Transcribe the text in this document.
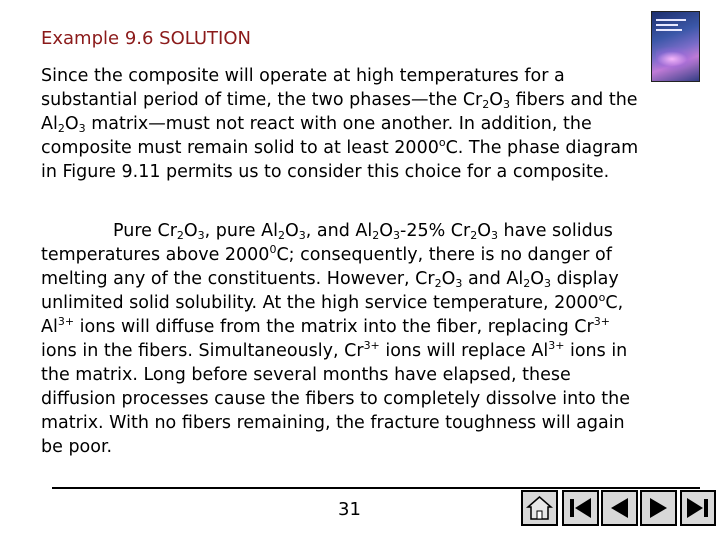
Example 9.6 SOLUTION

Since the composite will operate at high temperatures for a substantial period of time, the two phases—the $Cr_2O_3$ fibers and the $Al_2O_3$ matrix—must not react with one another. In addition, the composite must remain solid to at least 2000$^o$C. The phase diagram in Figure 9.11 permits us to consider this choice for a composite.

Pure $Cr_2O_3$, pure $Al_2O_3$, and $Al_2O_3-25\%$ $Cr_2O_3$ have solidus temperatures above 2000$^0$C; consequently, there is no danger of melting any of the constituents. However, $Cr_2O_3$ and $Al_2O_3$ display unlimited solid solubility. At the high service temperature, 2000$^o$C, $Al^{3+}$ ions will diffuse from the matrix into the fiber, replacing $Cr^{3+}$ ions in the fibers. Simultaneously, $Cr^{3+}$ ions will replace $Al^{3+}$ ions in the matrix. Long before several months have elapsed, these diffusion processes cause the fibers to completely dissolve into the matrix. With no fibers remaining, the fracture toughness will again be poor.

31
